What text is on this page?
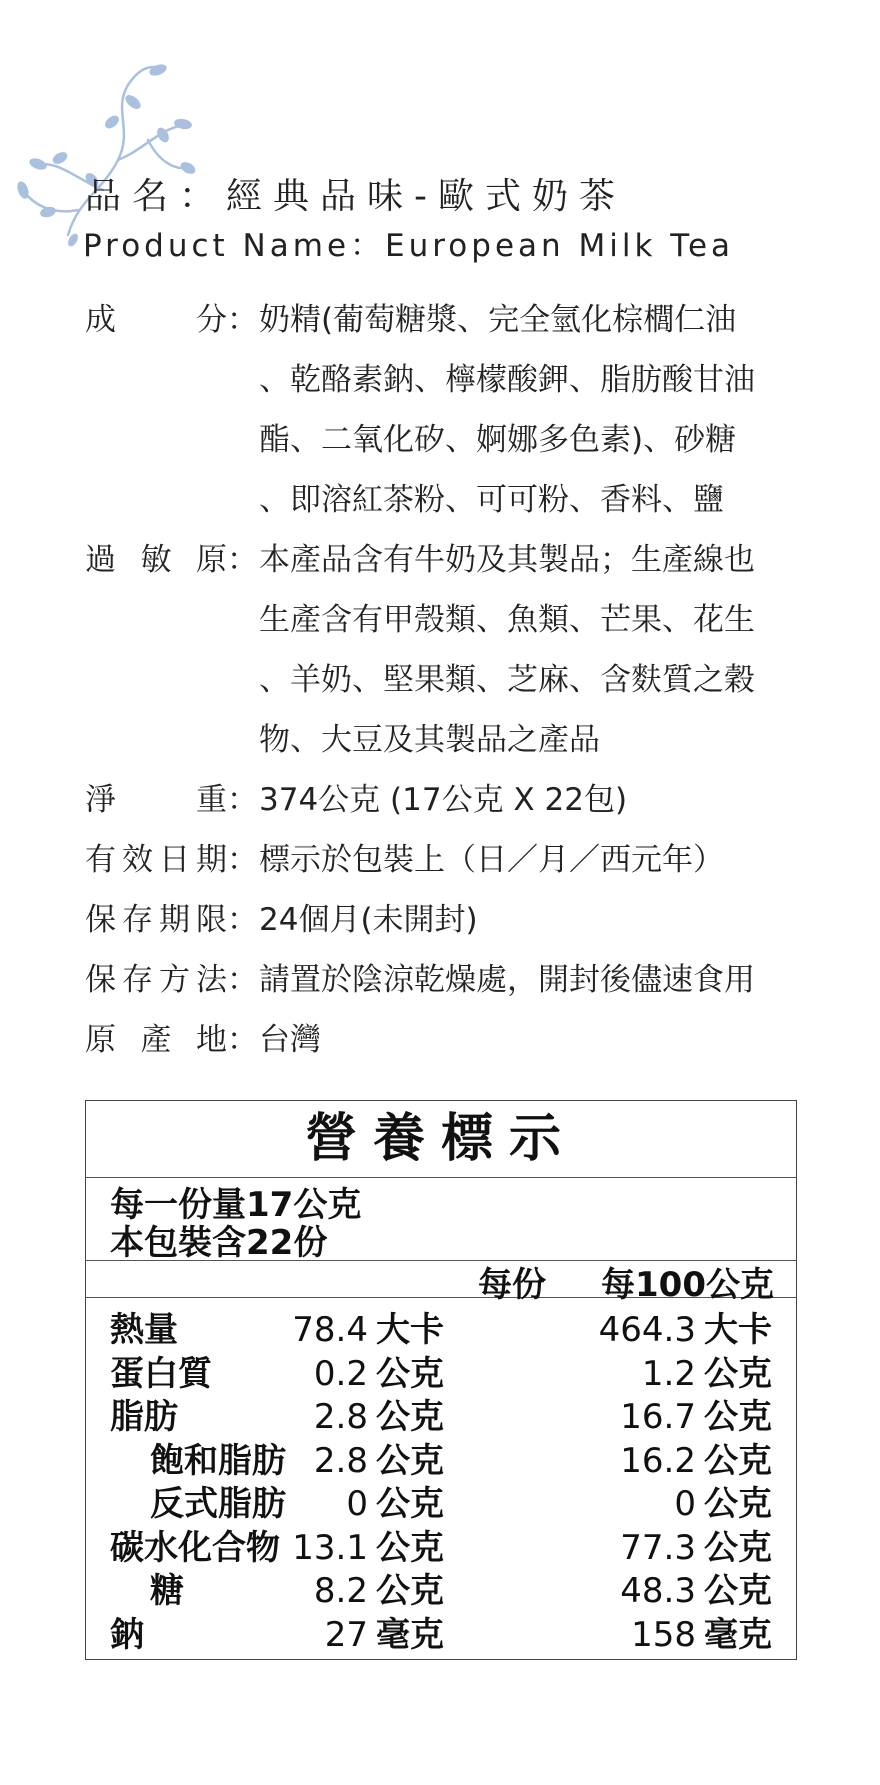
品名：經典品味-歐式奶茶
Product Name：European Milk Tea
成	分 ： 奶精(葡萄糖漿、完全氫化棕櫚仁油
、乾酪素鈉、檸檬酸鉀、脂肪酸甘油
酯、二氧化矽、婀娜多色素)、砂糖
、即溶紅茶粉、可可粉、香料、鹽
過 敏 原 ： 本產品含有牛奶及其製品；生產線也
生產含有甲殼類、魚類、芒果、花生
、羊奶、堅果類、芝麻、含麩質之穀
物、大豆及其製品之產品
淨	重 ： 374公克 (17公克 X 22包)
有 效 日 期 ： 標示於包裝上（日／月／西元年）
保 存 期 限 ： 24個月(未開封)
保 存 方 法 ： 請置於陰涼乾燥處，開封後儘速食用
原 產 地 ： 台灣
營養標示
每一份量17公克
本包裝含22份
每份 每100公克
熱量	78.4 大卡	464.3 大卡
蛋白質	0.2 公克	1.2 公克
脂肪	2.8 公克	16.7 公克
飽和脂肪 2.8 公克	16.2 公克
反式脂肪 0 公克	0 公克
碳水化合物 13.1 公克	77.3 公克
糖	8.2 公克	48.3 公克
鈉	27 毫克	158 毫克
